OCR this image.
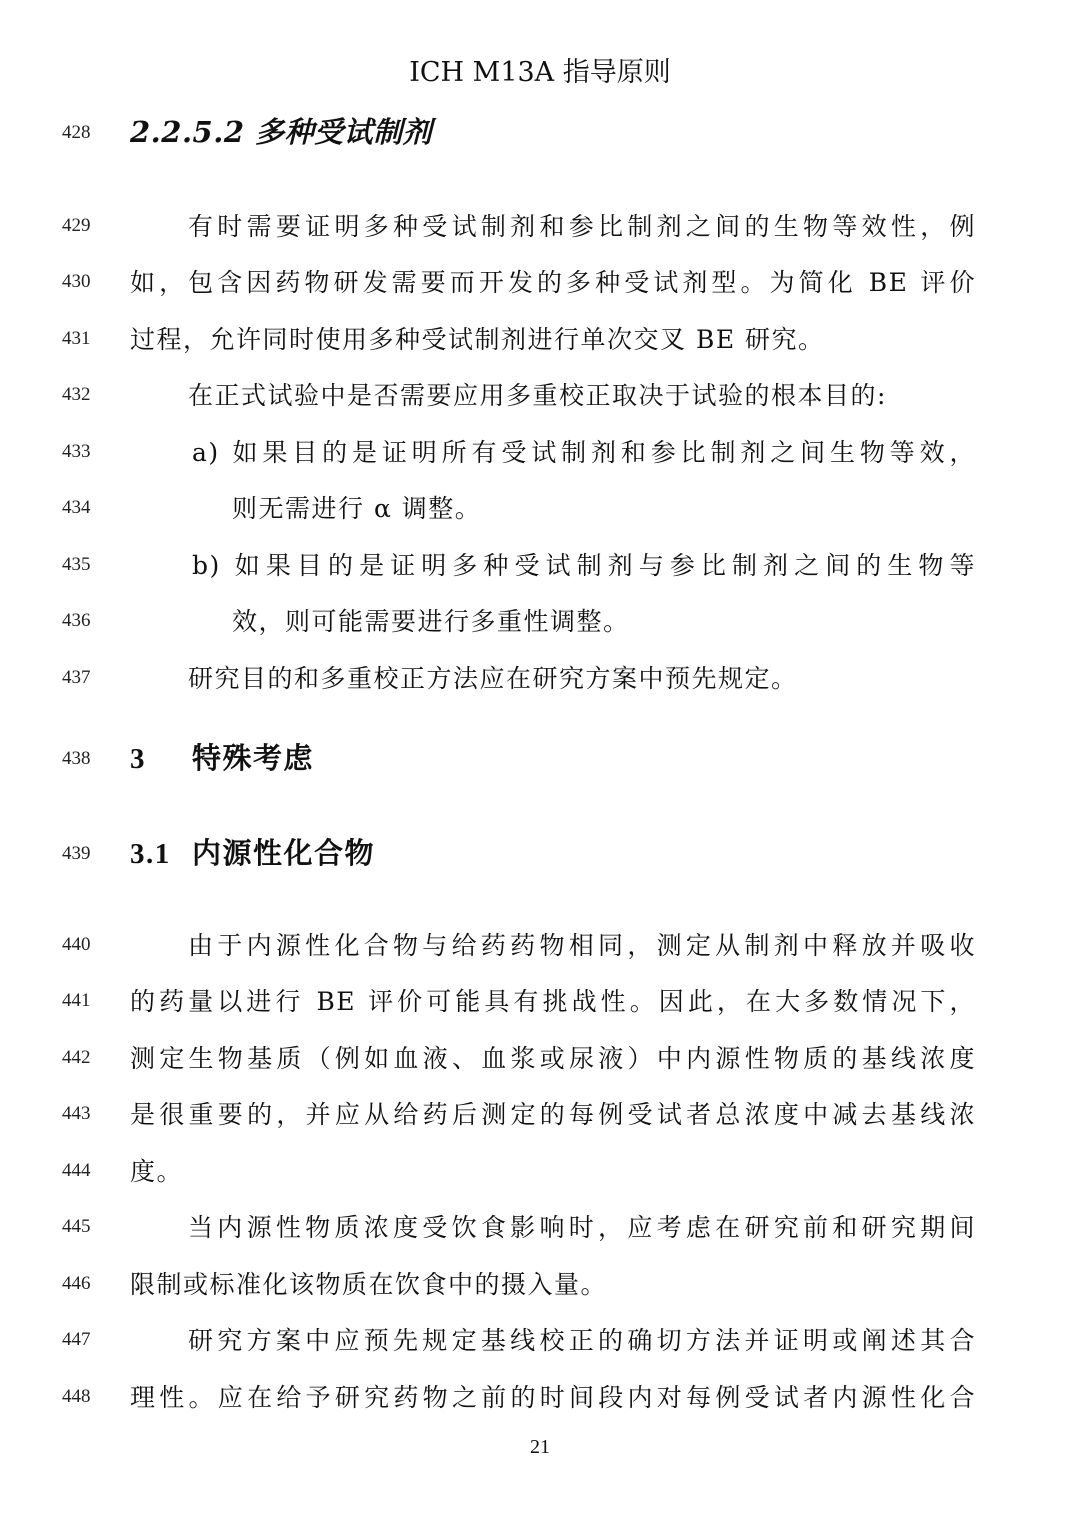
ICH M13A 指导原则
428	2.2.5.2 多种受试制剂
429	有时需要证明多种受试制剂和参比制剂之间的生物等效性，例
430	如，包含因药物研发需要而开发的多种受试剂型。为简化 BE 评价
431	过程，允许同时使用多种受试制剂进行单次交叉 BE 研究。
432	在正式试验中是否需要应用多重校正取决于试验的根本目的:
433	a) 如果目的是证明所有受试制剂和参比制剂之间生物等效，
434	则无需进行 α 调整。
435	b) 如果目的是证明多种受试制剂与参比制剂之间的生物等
436	效，则可能需要进行多重性调整。
437	研究目的和多重校正方法应在研究方案中预先规定。
438	3 特殊考虑
439	3.1 内源性化合物
440	由于内源性化合物与给药药物相同，测定从制剂中释放并吸收
441	的药量以进行 BE 评价可能具有挑战性。因此，在大多数情况下，
442	测定生物基质（例如血液、血浆或尿液）中内源性物质的基线浓度
443	是很重要的，并应从给药后测定的每例受试者总浓度中减去基线浓
444	度。
445	当内源性物质浓度受饮食影响时，应考虑在研究前和研究期间
446	限制或标准化该物质在饮食中的摄入量。
447	研究方案中应预先规定基线校正的确切方法并证明或阐述其合
448	理性。应在给予研究药物之前的时间段内对每例受试者内源性化合
21
